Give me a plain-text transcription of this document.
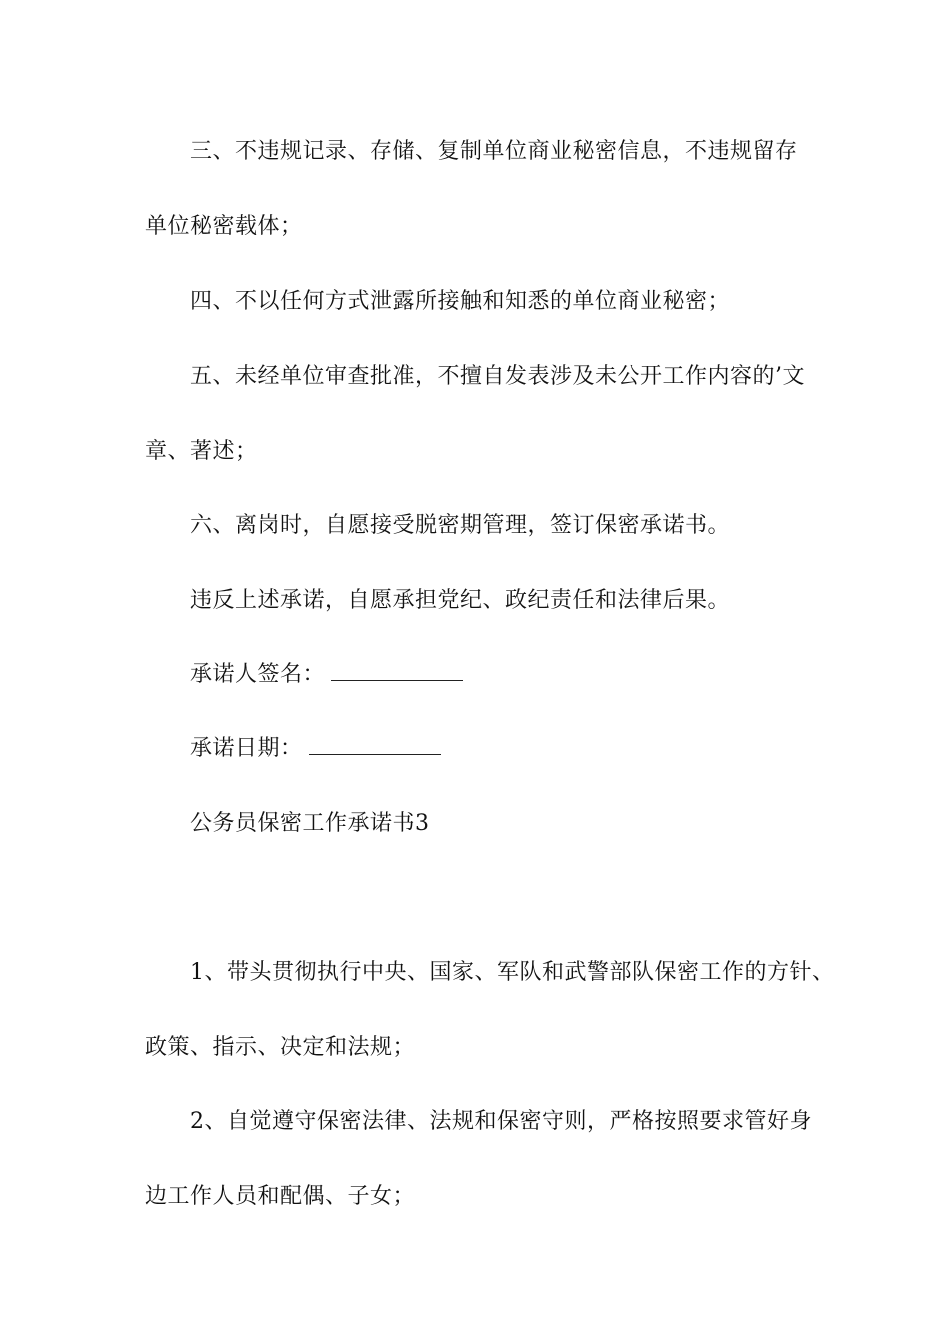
三、不违规记录、存储、复制单位商业秘密信息，不违规留存
单位秘密载体；
四、不以任何方式泄露所接触和知悉的单位商业秘密；
五、未经单位审查批准，不擅自发表涉及未公开工作内容的’文
章、著述；
六、离岗时，自愿接受脱密期管理，签订保密承诺书。
违反上述承诺，自愿承担党纪、政纪责任和法律后果。
承诺人签名：
承诺日期：
公务员保密工作承诺书3
1、带头贯彻执行中央、国家、军队和武警部队保密工作的方针、
政策、指示、决定和法规；
2、自觉遵守保密法律、法规和保密守则，严格按照要求管好身
边工作人员和配偶、子女；
